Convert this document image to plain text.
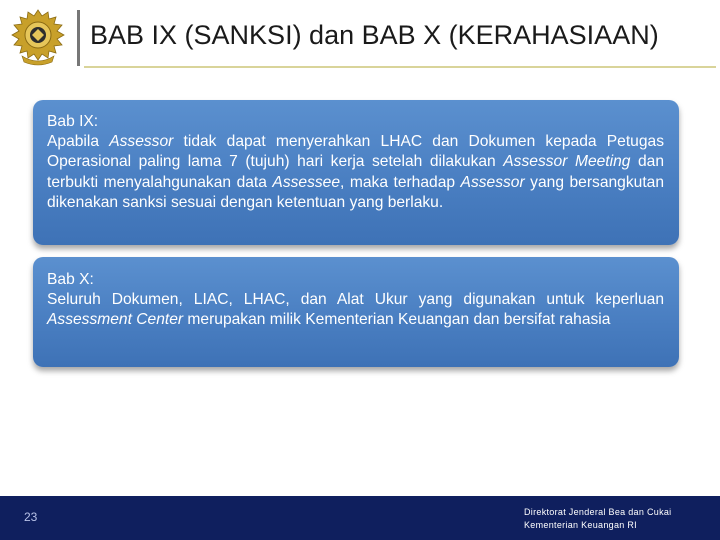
BAB IX (SANKSI) dan BAB X (KERAHASIAAN)

Bab IX:

Apabila Assessor tidak dapat menyerahkan LHAC dan Dokumen kepada Petugas Operasional paling lama 7 (tujuh) hari kerja setelah dilakukan Assessor Meeting dan terbukti menyalahgunakan data Assessee, maka terhadap Assessor yang bersangkutan dikenakan sanksi sesuai dengan ketentuan yang berlaku.

Bab X:

Seluruh Dokumen, LIAC, LHAC, dan Alat Ukur yang digunakan untuk keperluan Assessment Center merupakan milik Kementerian Keuangan dan bersifat rahasia

23	Direktorat Jenderal Bea dan Cukai
Kementerian Keuangan RI
